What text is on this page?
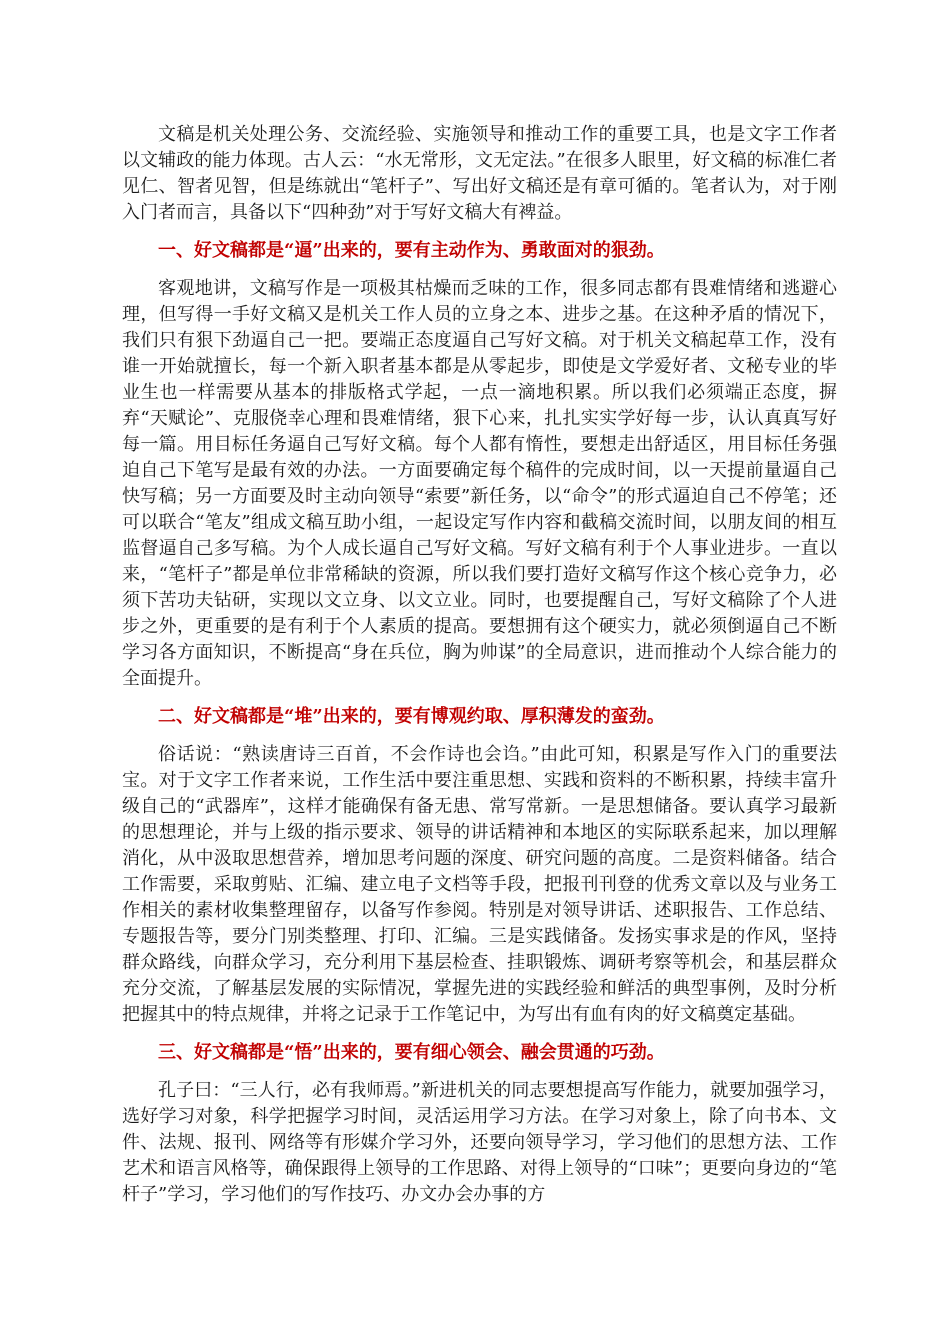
文稿是机关处理公务、交流经验、实施领导和推动工作的重要工具，也是文字工作者以文辅政的能力体现。古人云：“水无常形，文无定法。”在很多人眼里，好文稿的标准仁者见仁、智者见智，但是练就出“笔杆子”、写出好文稿还是有章可循的。笔者认为，对于刚入门者而言，具备以下“四种劲”对于写好文稿大有裨益。

一、好文稿都是“逼”出来的，要有主动作为、勇敢面对的狠劲。

客观地讲，文稿写作是一项极其枯燥而乏味的工作，很多同志都有畏难情绪和逃避心理，但写得一手好文稿又是机关工作人员的立身之本、进步之基。在这种矛盾的情况下，我们只有狠下劲逼自己一把。要端正态度逼自己写好文稿。对于机关文稿起草工作，没有谁一开始就擅长，每一个新入职者基本都是从零起步，即使是文学爱好者、文秘专业的毕业生也一样需要从基本的排版格式学起，一点一滴地积累。所以我们必须端正态度，摒弃“天赋论”、克服侥幸心理和畏难情绪，狠下心来，扎扎实实学好每一步，认认真真写好每一篇。用目标任务逼自己写好文稿。每个人都有惰性，要想走出舒适区，用目标任务强迫自己下笔写是最有效的办法。一方面要确定每个稿件的完成时间，以一天提前量逼自己快写稿；另一方面要及时主动向领导“索要”新任务，以“命令”的形式逼迫自己不停笔；还可以联合“笔友”组成文稿互助小组，一起设定写作内容和截稿交流时间，以朋友间的相互监督逼自己多写稿。为个人成长逼自己写好文稿。写好文稿有利于个人事业进步。一直以来，“笔杆子”都是单位非常稀缺的资源，所以我们要打造好文稿写作这个核心竞争力，必须下苦功夫钻研，实现以文立身、以文立业。同时，也要提醒自己，写好文稿除了个人进步之外，更重要的是有利于个人素质的提高。要想拥有这个硬实力，就必须倒逼自己不断学习各方面知识，不断提高“身在兵位，胸为帅谋”的全局意识，进而推动个人综合能力的全面提升。

二、好文稿都是“堆”出来的，要有博观约取、厚积薄发的蛮劲。

俗话说：“熟读唐诗三百首，不会作诗也会诌。”由此可知，积累是写作入门的重要法宝。对于文字工作者来说，工作生活中要注重思想、实践和资料的不断积累，持续丰富升级自己的“武器库”，这样才能确保有备无患、常写常新。一是思想储备。要认真学习最新的思想理论，并与上级的指示要求、领导的讲话精神和本地区的实际联系起来，加以理解消化，从中汲取思想营养，增加思考问题的深度、研究问题的高度。二是资料储备。结合工作需要，采取剪贴、汇编、建立电子文档等手段，把报刊刊登的优秀文章以及与业务工作相关的素材收集整理留存，以备写作参阅。特别是对领导讲话、述职报告、工作总结、专题报告等，要分门别类整理、打印、汇编。三是实践储备。发扬实事求是的作风，坚持群众路线，向群众学习，充分利用下基层检查、挂职锻炼、调研考察等机会，和基层群众充分交流，了解基层发展的实际情况，掌握先进的实践经验和鲜活的典型事例，及时分析把握其中的特点规律，并将之记录于工作笔记中，为写出有血有肉的好文稿奠定基础。

三、好文稿都是“悟”出来的，要有细心领会、融会贯通的巧劲。

孔子曰：“三人行，必有我师焉。”新进机关的同志要想提高写作能力，就要加强学习，选好学习对象，科学把握学习时间，灵活运用学习方法。在学习对象上，除了向书本、文件、法规、报刊、网络等有形媒介学习外，还要向领导学习，学习他们的思想方法、工作艺术和语言风格等，确保跟得上领导的工作思路、对得上领导的“口味”；更要向身边的“笔杆子”学习，学习他们的写作技巧、办文办会办事的方
